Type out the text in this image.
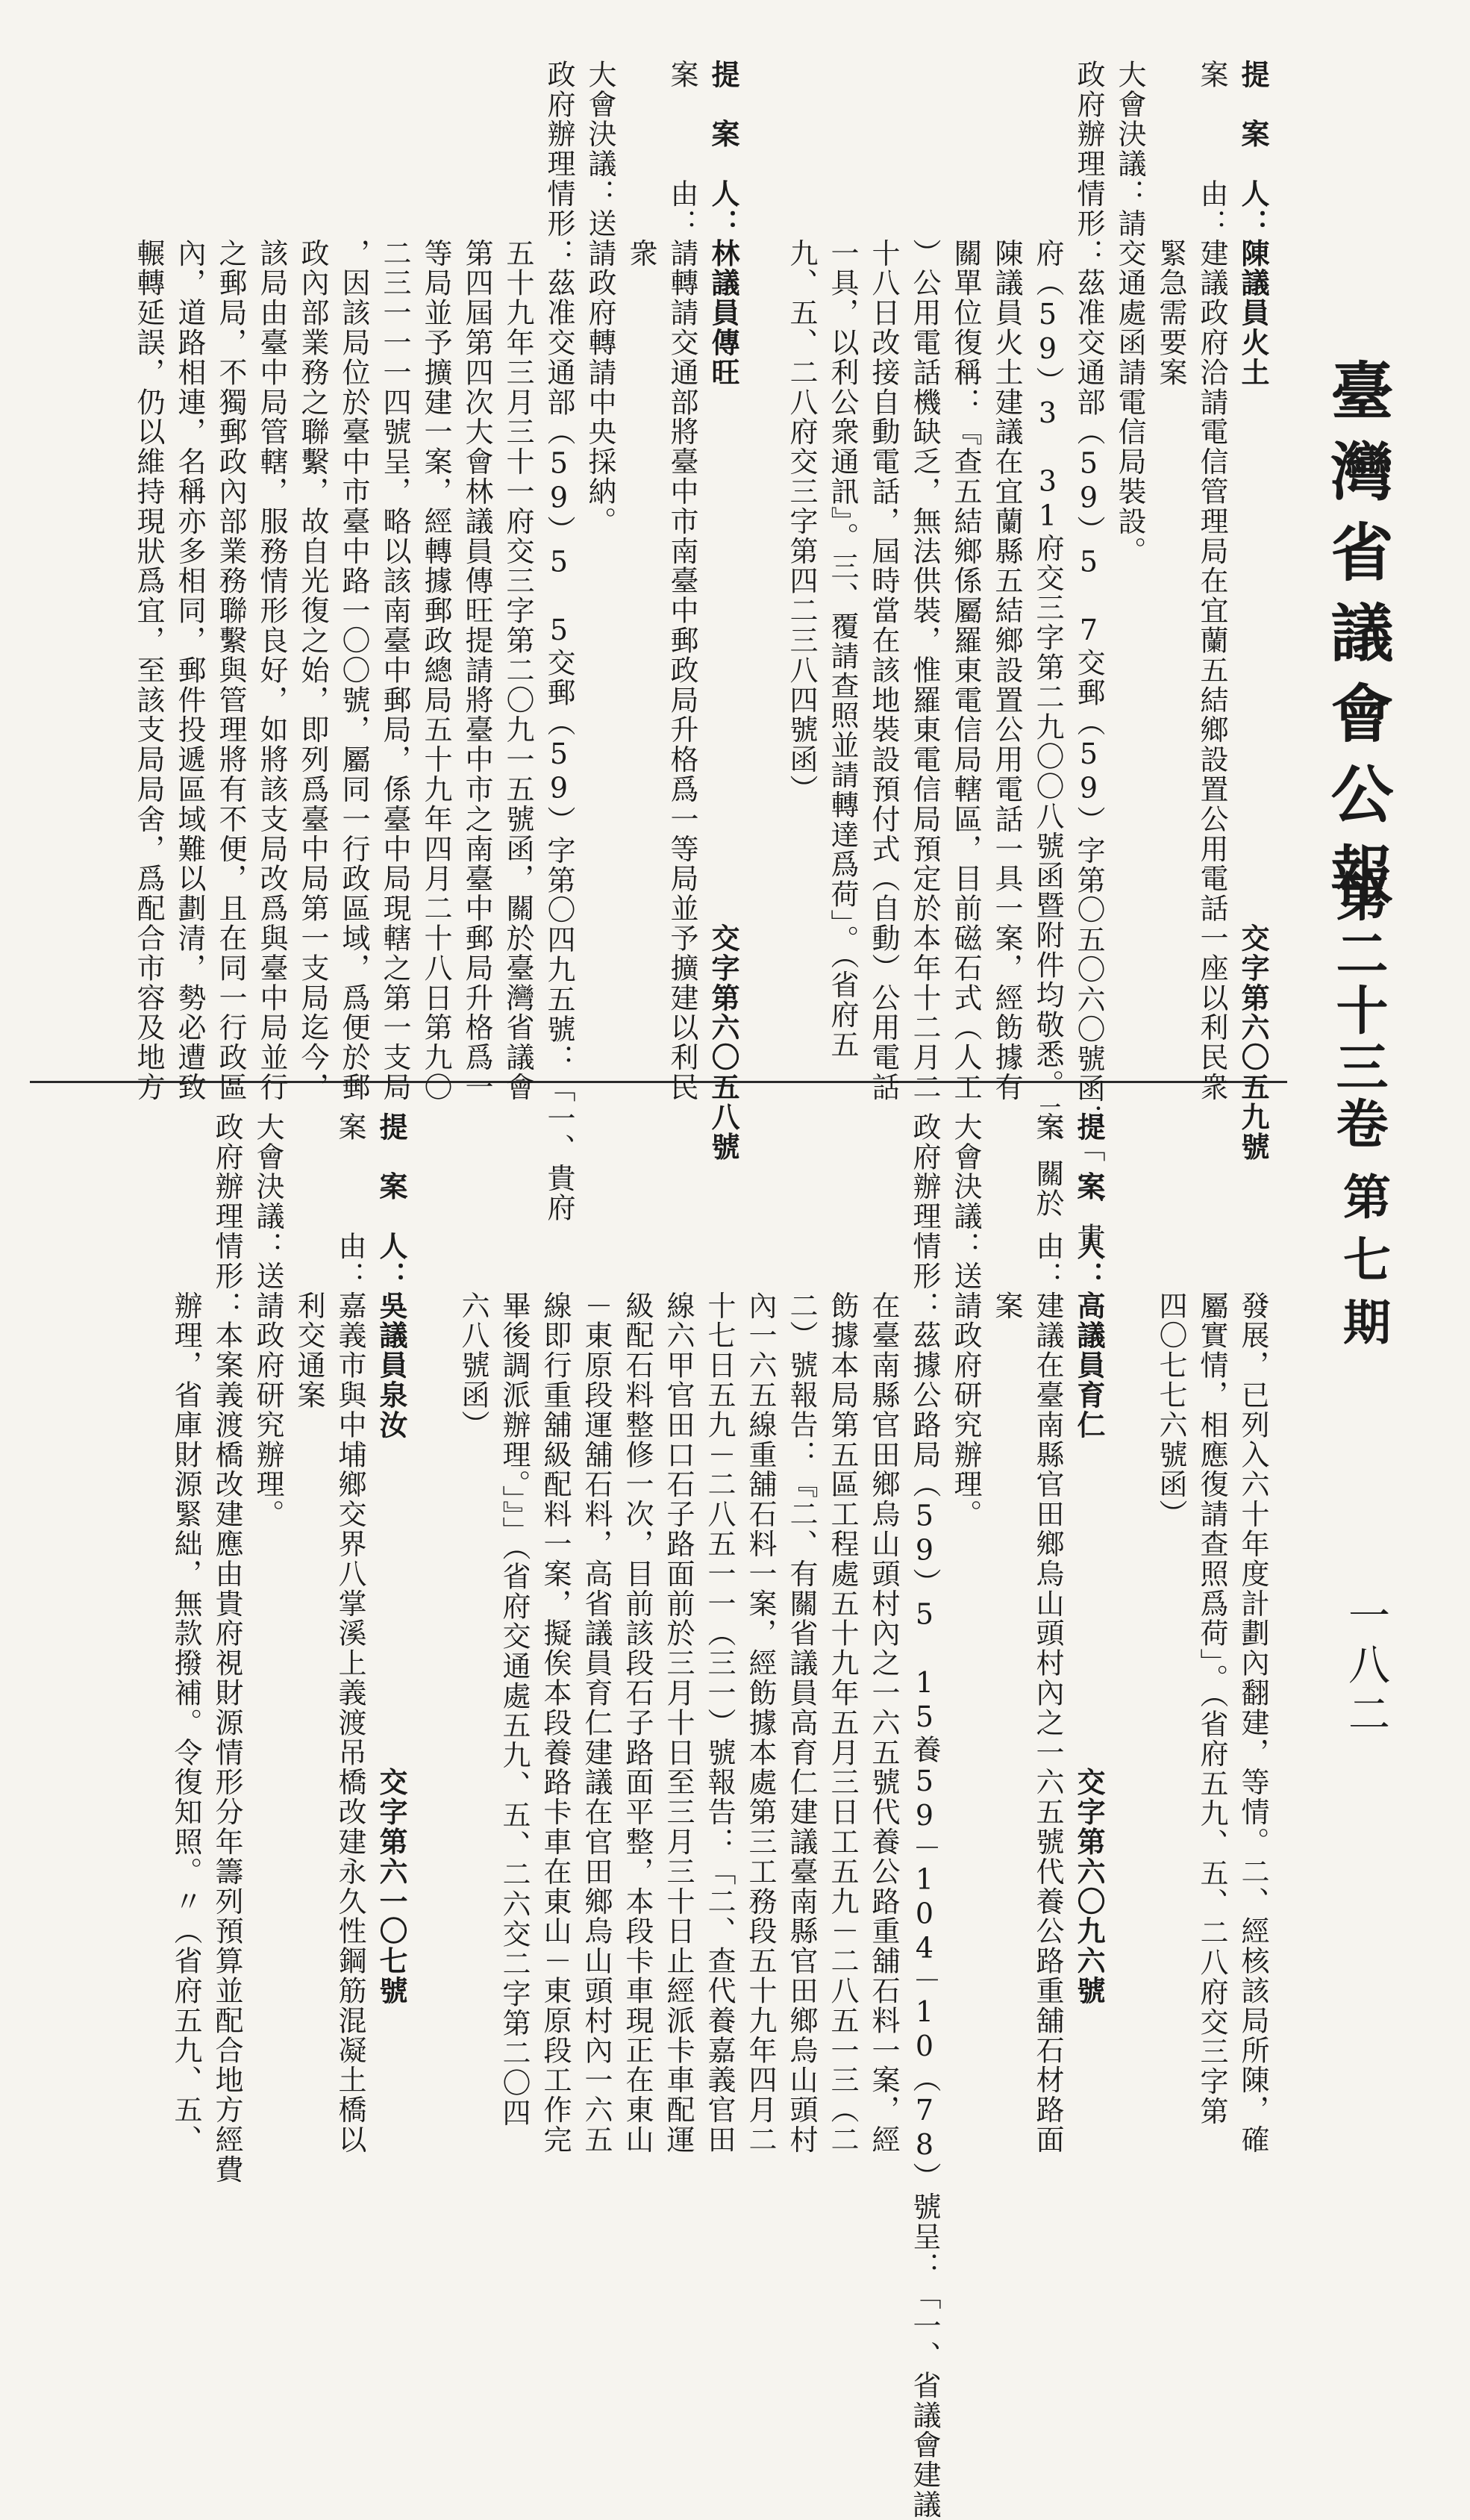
臺灣省議會公報
第二十三卷
第七期
一八二
提　案　人：陳議員火土　　　　　　　　　　　　　　　　　　交字第六〇五九號
案　　　由：建議政府洽請電信管理局在宜蘭五結鄉設置公用電話一座以利民衆
　　　　　　緊急需要案
大會決議：請交通處函請電信局裝設。
政府辦理情形：茲准交通部（59）5 7交郵（59）字第〇五〇六〇號函：「一、貴
　　　　　　府（59）3 31府交三字第二九〇〇八號函暨附件均敬悉。二、關於
　　　　　　陳議員火土建議在宜蘭縣五結鄉設置公用電話一具一案，經飭據有
　　　　　　關單位復稱：『查五結鄉係屬羅東電信局轄區，目前磁石式（人工
　　　　　　）公用電話機缺乏，無法供裝，惟羅東電信局預定於本年十二月二
　　　　　　十八日改接自動電話，屆時當在該地裝設預付式（自動）公用電話
　　　　　　一具，以利公衆通訊』。三、覆請查照並請轉達爲荷」。（省府五
　　　　　　九、五、二八府交三字第四二三八四號函）
提　案　人：林議員傳旺　　　　　　　　　　　　　　　　　　交字第六〇五八號
案　　　由：請轉請交通部將臺中市南臺中郵政局升格爲一等局並予擴建以利民
　　　　　　衆
大會決議：送請政府轉請中央採納。
政府辦理情形：茲准交通部（59）5 5交郵（59）字第〇四九五號：「一、貴府
　　　　　　五十九年三月三十一府交三字第二〇九一五號函，關於臺灣省議會
　　　　　　第四屆第四次大會林議員傳旺提請將臺中市之南臺中郵局升格爲一
　　　　　　等局並予擴建一案，經轉據郵政總局五十九年四月二十八日第九〇
　　　　　　二三一一一四號呈，略以該南臺中郵局，係臺中局現轄之第一支局
　　　　　　，因該局位於臺中市臺中路一〇〇號，屬同一行政區域，爲便於郵
　　　　　　政內部業務之聯繫，故自光復之始，即列爲臺中局第一支局迄今，
　　　　　　該局由臺中局管轄，服務情形良好，如將該支局改爲與臺中局並行
　　　　　　之郵局，不獨郵政內部業務聯繫與管理將有不便，且在同一行政區
　　　　　　內，道路相連，名稱亦多相同，郵件投遞區域難以劃清，勢必遭致
　　　　　　輾轉延誤，仍以維持現狀爲宜，至該支局局舍，爲配合市容及地方
　　　　　　發展，已列入六十年度計劃內翻建，等情。二、經核該局所陳，確
　　　　　　屬實情，相應復請查照爲荷」。（省府五九、五、二八府交三字第
　　　　　　四〇七七六號函）
提　案　人：高議員育仁　　　　　　　　　　　交字第六〇九六號
案　　　由：建議在臺南縣官田鄉烏山頭村內之一六五號代養公路重舖石材路面
　　　　　　案
大會決議：送請政府研究辦理。
政府辦理情形：茲據公路局（59）5 15養59－104－10（78）號呈：「一、省議會建議
　　　　　　在臺南縣官田鄉烏山頭村內之一六五號代養公路重舖石料一案，經
　　　　　　飭據本局第五區工程處五十九年五月三日工五九－二八五一三（二
　　　　　　二）號報告：『二、有關省議員高育仁建議臺南縣官田鄉烏山頭村
　　　　　　內一六五線重舖石料一案，經飭據本處第三工務段五十九年四月二
　　　　　　十七日五九－二八五一一（三一）號報告：「二、查代養嘉義官田
　　　　　　線六甲官田口石子路面前於三月十日至三月三十日止經派卡車配運
　　　　　　級配石料整修一次，目前該段石子路面平整，本段卡車現正在東山
　　　　　　－東原段運舖石料，高省議員育仁建議在官田鄉烏山頭村內一六五
　　　　　　線即行重舖級配料一案，擬俟本段養路卡車在東山－東原段工作完
　　　　　　畢後調派辦理。」』」（省府交通處五九、五、二六交二字第二〇四
　　　　　　六八號函）
提　案　人：吳議員泉汝　　　　　　　　　　　交字第六一〇七號
案　　　由：嘉義市與中埔鄉交界八掌溪上義渡吊橋改建永久性鋼筋混凝土橋以
　　　　　　利交通案
大會決議：送請政府研究辦理。
政府辦理情形：本案義渡橋改建應由貴府視財源情形分年籌列預算並配合地方經費
　　　　　　辦理，省庫財源緊絀，無款撥補。令復知照。〃（省府五九、五、
